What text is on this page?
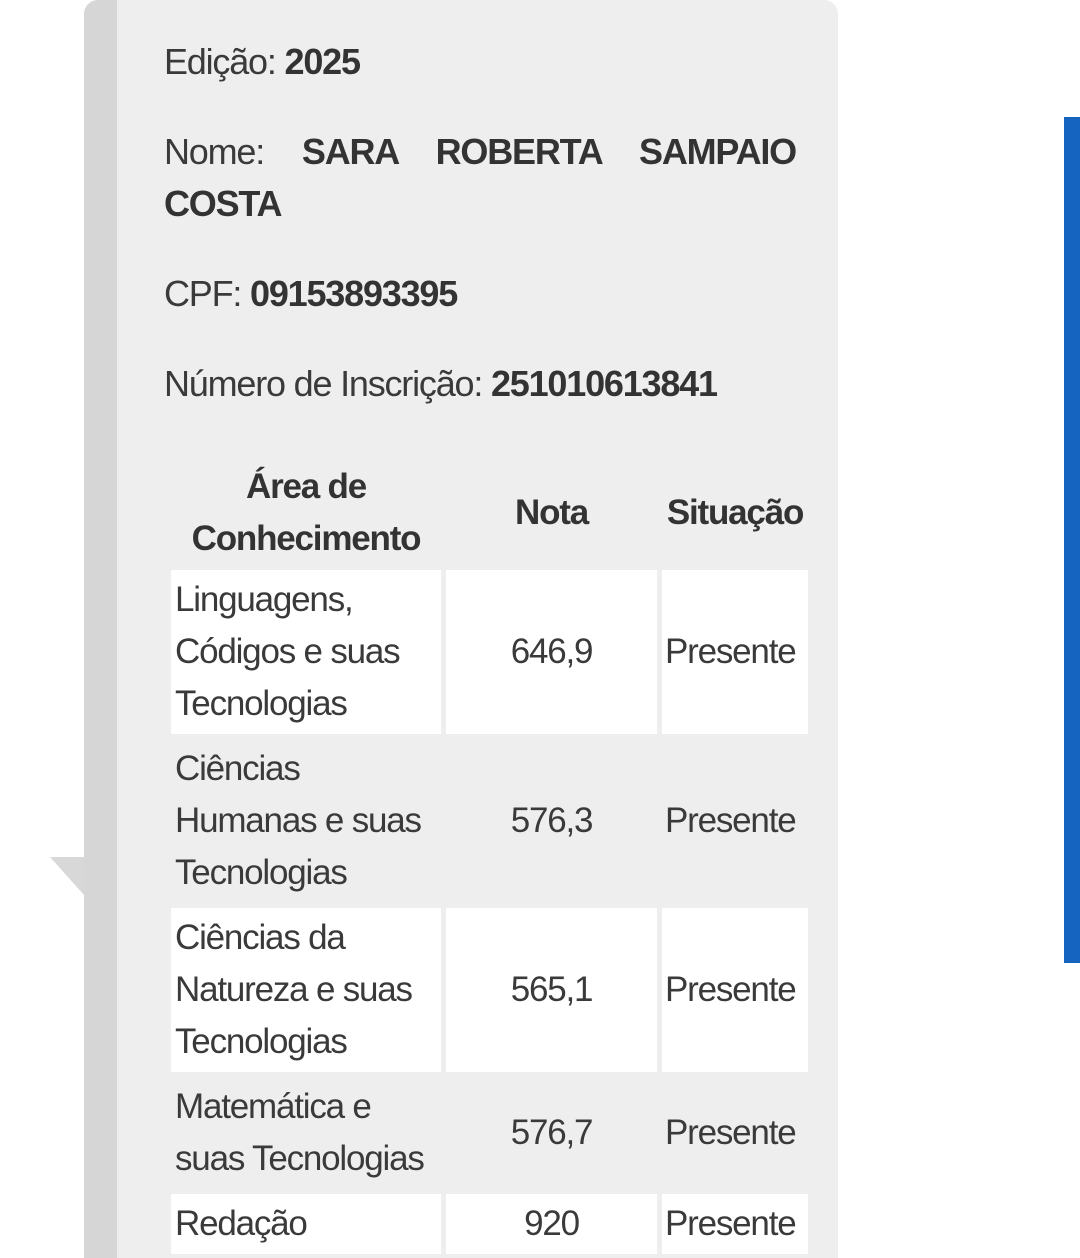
Edição: 2025

Nome: SARA ROBERTA SAMPAIO COSTA

CPF: 09153893395

Número de Inscrição: 251010613841

Área de Conhecimento	Nota	Situação
Linguagens, Códigos e suas Tecnologias	646,9	Presente
Ciências Humanas e suas Tecnologias	576,3	Presente
Ciências da Natureza e suas Tecnologias	565,1	Presente
Matemática e suas Tecnologias	576,7	Presente
Redação	920	Presente
